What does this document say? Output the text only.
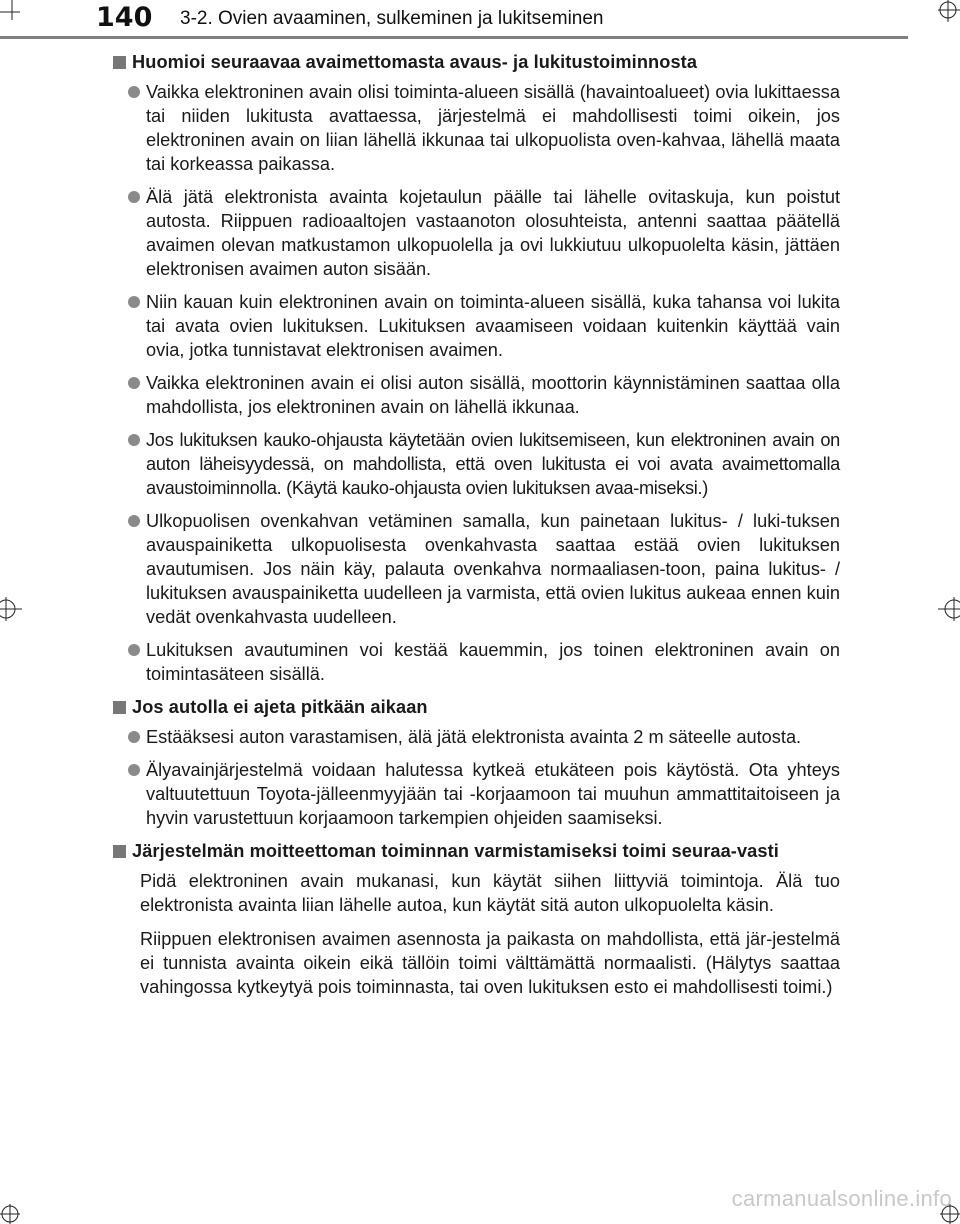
140 3-2. Ovien avaaminen, sulkeminen ja lukitseminen
Huomioi seuraavaa avaimettomasta avaus- ja lukitustoiminnosta
Vaikka elektroninen avain olisi toiminta-alueen sisällä (havaintoalueet) ovia lukittaessa tai niiden lukitusta avattaessa, järjestelmä ei mahdollisesti toimi oikein, jos elektroninen avain on liian lähellä ikkunaa tai ulkopuolista oven-kahvaa, lähellä maata tai korkeassa paikassa.
Älä jätä elektronista avainta kojetaulun päälle tai lähelle ovitaskuja, kun poistut autosta. Riippuen radioaaltojen vastaanoton olosuhteista, antenni saattaa päätellä avaimen olevan matkustamon ulkopuolella ja ovi lukkiutuu ulkopuolelta käsin, jättäen elektronisen avaimen auton sisään.
Niin kauan kuin elektroninen avain on toiminta-alueen sisällä, kuka tahansa voi lukita tai avata ovien lukituksen. Lukituksen avaamiseen voidaan kuitenkin käyttää vain ovia, jotka tunnistavat elektronisen avaimen.
Vaikka elektroninen avain ei olisi auton sisällä, moottorin käynnistäminen saattaa olla mahdollista, jos elektroninen avain on lähellä ikkunaa.
Jos lukituksen kauko-ohjausta käytetään ovien lukitsemiseen, kun elektroninen avain on auton läheisyydessä, on mahdollista, että oven lukitusta ei voi avata avaimettomalla avaustoiminnolla. (Käytä kauko-ohjausta ovien lukituksen avaa-miseksi.)
Ulkopuolisen ovenkahvan vetäminen samalla, kun painetaan lukitus- / luki-tuksen avauspainiketta ulkopuolisesta ovenkahvasta saattaa estää ovien lukituksen avautumisen. Jos näin käy, palauta ovenkahva normaaliasen-toon, paina lukitus- / lukituksen avauspainiketta uudelleen ja varmista, että ovien lukitus aukeaa ennen kuin vedät ovenkahvasta uudelleen.
Lukituksen avautuminen voi kestää kauemmin, jos toinen elektroninen avain on toimintasäteen sisällä.
Jos autolla ei ajeta pitkään aikaan
Estääksesi auton varastamisen, älä jätä elektronista avainta 2 m säteelle autosta.
Älyavainjärjestelmä voidaan halutessa kytkeä etukäteen pois käytöstä. Ota yhteys valtuutettuun Toyota-jälleenmyyjään tai -korjaamoon tai muuhun ammattitaitoiseen ja hyvin varustettuun korjaamoon tarkempien ohjeiden saamiseksi.
Järjestelmän moitteettoman toiminnan varmistamiseksi toimi seuraa-vasti
Pidä elektroninen avain mukanasi, kun käytät siihen liittyviä toimintoja. Älä tuo elektronista avainta liian lähelle autoa, kun käytät sitä auton ulkopuolelta käsin.
Riippuen elektronisen avaimen asennosta ja paikasta on mahdollista, että jär-jestelmä ei tunnista avainta oikein eikä tällöin toimi välttämättä normaalisti. (Hälytys saattaa vahingossa kytkeytyä pois toiminnasta, tai oven lukituksen esto ei mahdollisesti toimi.)
carmanualsonline.info
